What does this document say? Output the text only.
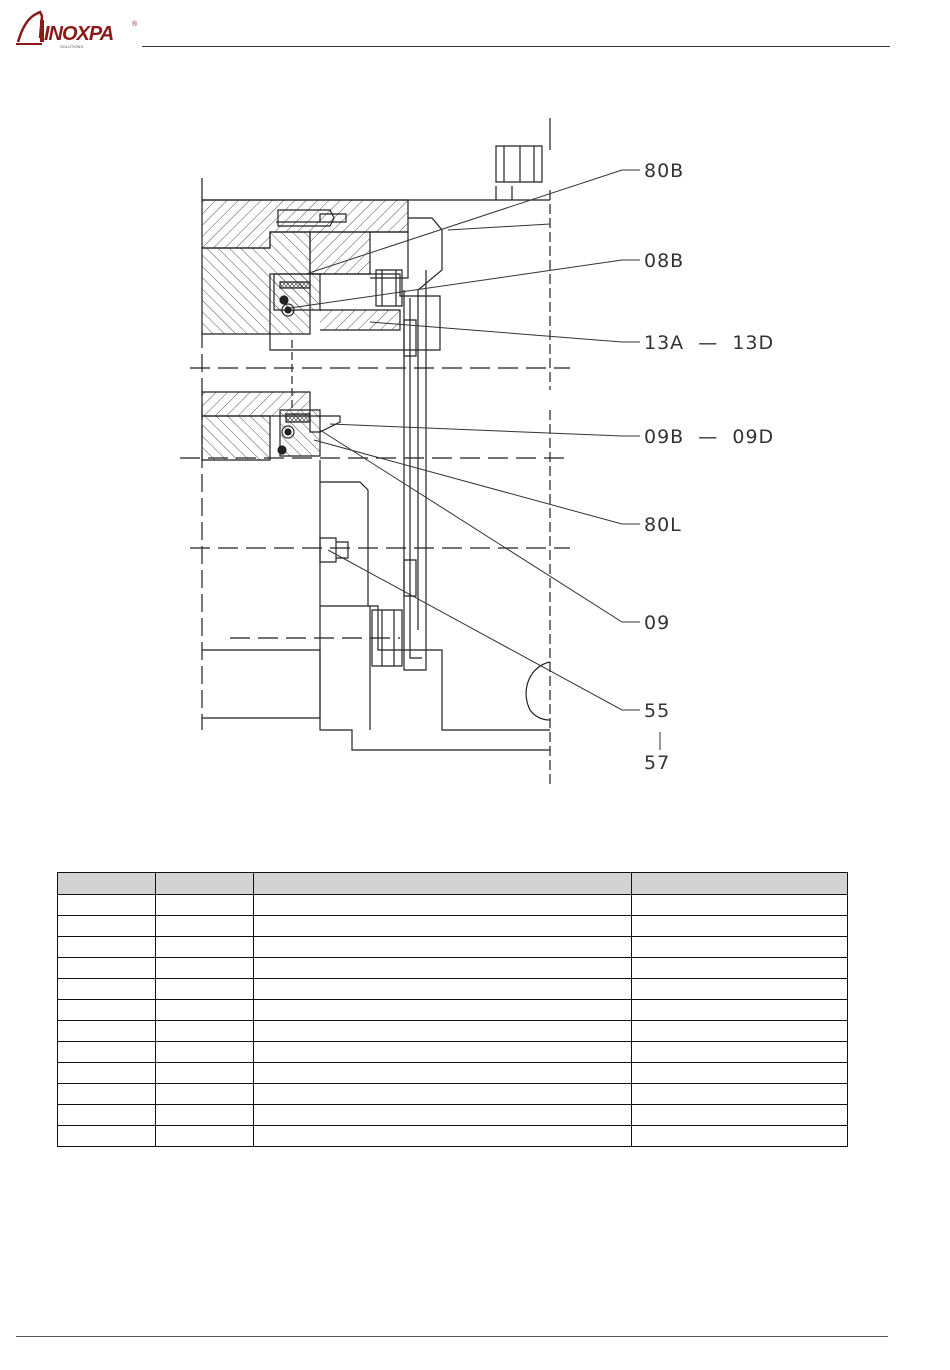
INOXPA	®
SOLUTIONS
80B
08B
13A  —  13D
09B  —  09D
80L
09
55
57
